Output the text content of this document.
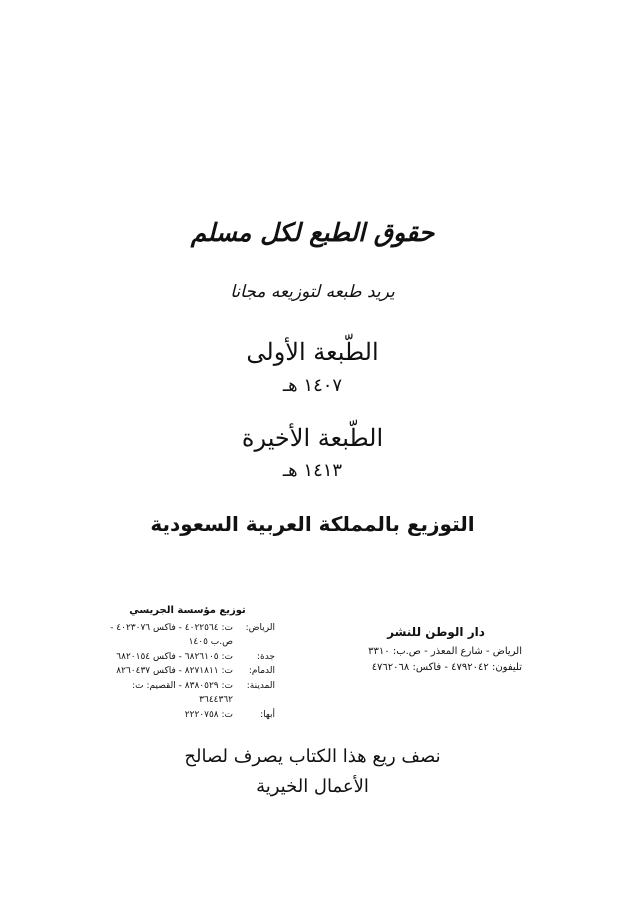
حقوق الطبع لكل مسلم
يريد طبعه لتوزيعه مجانا
الطّبعة الأولى
١٤٠٧ هـ
الطّبعة الأخيرة
١٤١٣ هـ
التوزيع بالمملكة العربية السعودية
توزيع مؤسسة الجريسي
الرياض:
ت: ٤٠٢٢٥٦٤ - فاكس ٤٠٢٣٠٧٦ - ص.ب ١٤٠٥
جدة:
ت: ٦٨٢٦١٠٥ - فاكس ٦٨٢٠١٥٤
الدمام:
ت: ٨٢٧١٨١١ - فاكس ٨٢٦٠٤٣٧
المدينة:
ت: ٨٣٨٠٥٢٩ - القصيم: ت: ٣٦٤٤٣٦٢
أبها:
ت: ٢٢٢٠٧٥٨
دار الوطن للنشر
الرياض - شارع المعذر - ص.ب: ٣٣١٠
تليفون: ٤٧٩٢٠٤٢ - فاكس: ٤٧٦٢٠٦٨
نصف ريع هذا الكتاب يصرف لصالح
الأعمال الخيرية
